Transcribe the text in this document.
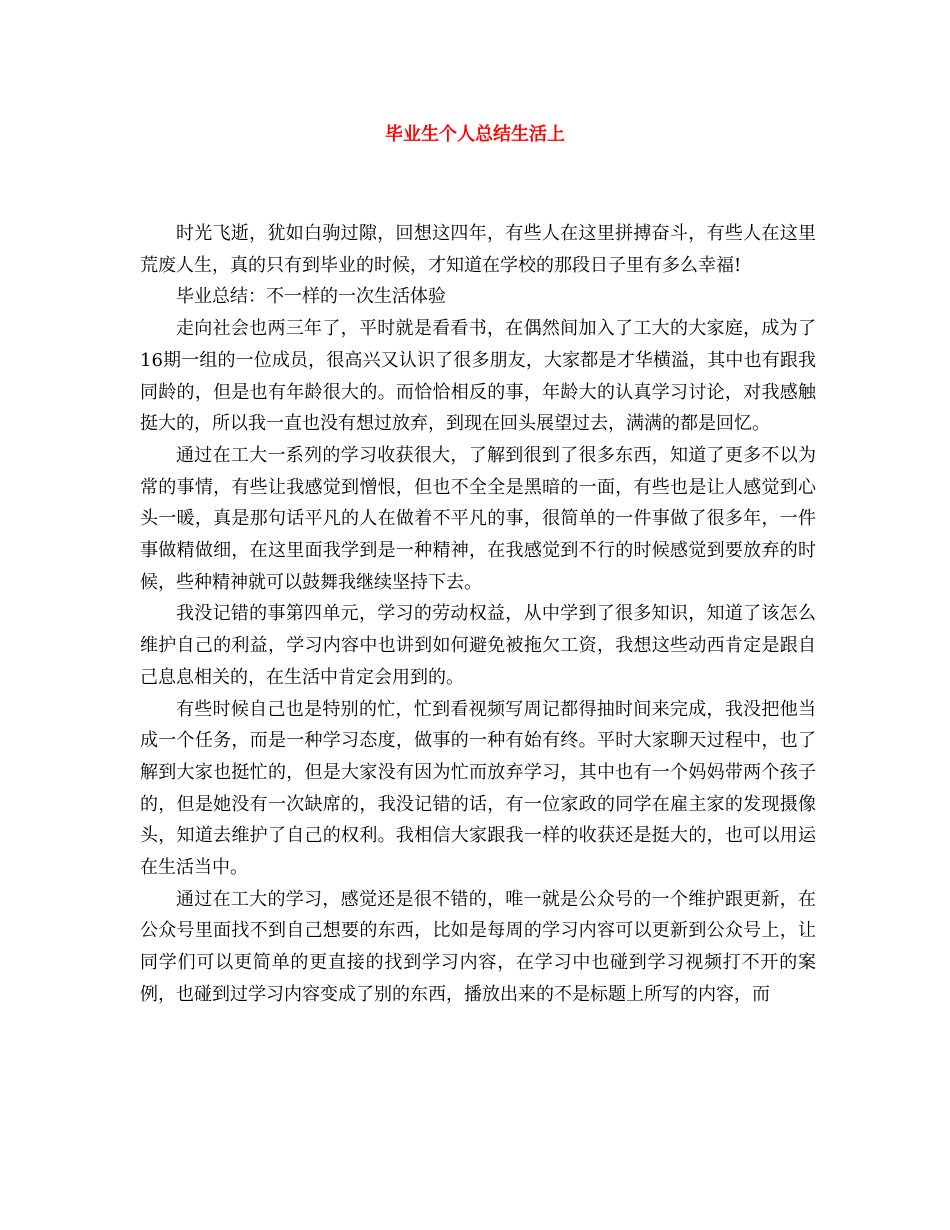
毕业生个人总结生活上

时光飞逝，犹如白驹过隙，回想这四年，有些人在这里拼搏奋斗，有些人在这里荒废人生，真的只有到毕业的时候，才知道在学校的那段日子里有多么幸福!

毕业总结：不一样的一次生活体验

走向社会也两三年了，平时就是看看书，在偶然间加入了工大的大家庭，成为了16期一组的一位成员，很高兴又认识了很多朋友，大家都是才华横溢，其中也有跟我同龄的，但是也有年龄很大的。而恰恰相反的事，年龄大的认真学习讨论，对我感触挺大的，所以我一直也没有想过放弃，到现在回头展望过去，满满的都是回忆。

通过在工大一系列的学习收获很大，了解到很到了很多东西，知道了更多不以为常的事情，有些让我感觉到憎恨，但也不全全是黑暗的一面，有些也是让人感觉到心头一暖，真是那句话平凡的人在做着不平凡的事，很简单的一件事做了很多年，一件事做精做细，在这里面我学到是一种精神，在我感觉到不行的时候感觉到要放弃的时候，些种精神就可以鼓舞我继续坚持下去。

我没记错的事第四单元，学习的劳动权益，从中学到了很多知识，知道了该怎么维护自己的利益，学习内容中也讲到如何避免被拖欠工资，我想这些动西肯定是跟自己息息相关的，在生活中肯定会用到的。

有些时候自己也是特别的忙，忙到看视频写周记都得抽时间来完成，我没把他当成一个任务，而是一种学习态度，做事的一种有始有终。平时大家聊天过程中，也了解到大家也挺忙的，但是大家没有因为忙而放弃学习，其中也有一个妈妈带两个孩子的，但是她没有一次缺席的，我没记错的话，有一位家政的同学在雇主家的发现摄像头，知道去维护了自己的权利。我相信大家跟我一样的收获还是挺大的，也可以用运在生活当中。

通过在工大的学习，感觉还是很不错的，唯一就是公众号的一个维护跟更新，在公众号里面找不到自己想要的东西，比如是每周的学习内容可以更新到公众号上，让同学们可以更简单的更直接的找到学习内容，在学习中也碰到学习视频打不开的案例，也碰到过学习内容变成了别的东西，播放出来的不是标题上所写的内容，而
